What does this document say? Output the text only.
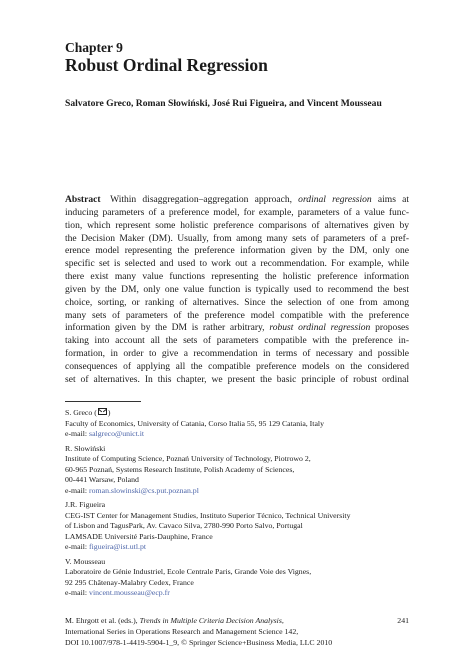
Chapter 9
Robust Ordinal Regression
Salvatore Greco, Roman Słowiński, José Rui Figueira, and Vincent Mousseau
Abstract  Within disaggregation–aggregation approach, ordinal regression aims at
inducing parameters of a preference model, for example, parameters of a value func-
tion, which represent some holistic preference comparisons of alternatives given by
the Decision Maker (DM). Usually, from among many sets of parameters of a pref-
erence model representing the preference information given by the DM, only one
specific set is selected and used to work out a recommendation. For example, while
there exist many value functions representing the holistic preference information
given by the DM, only one value function is typically used to recommend the best
choice, sorting, or ranking of alternatives. Since the selection of one from among
many sets of parameters of the preference model compatible with the preference
information given by the DM is rather arbitrary, robust ordinal regression proposes
taking into account all the sets of parameters compatible with the preference in-
formation, in order to give a recommendation in terms of necessary and possible
consequences of applying all the compatible preference models on the considered
set of alternatives. In this chapter, we present the basic principle of robust ordinal
S. Greco ( )
Faculty of Economics, University of Catania, Corso Italia 55, 95 129 Catania, Italy
e-mail: salgreco@unict.it
R. Słowiński
Institute of Computing Science, Poznań University of Technology, Piotrowo 2,
60-965 Poznań, Systems Research Institute, Polish Academy of Sciences,
00-441 Warsaw, Poland
e-mail: roman.slowinski@cs.put.poznan.pl
J.R. Figueira
CEG-IST Center for Management Studies, Instituto Superior Técnico, Technical University
of Lisbon and TagusPark, Av. Cavaco Silva, 2780-990 Porto Salvo, Portugal
LAMSADE Université Paris-Dauphine, France
e-mail: figueira@ist.utl.pt
V. Mousseau
Laboratoire de Génie Industriel, Ecole Centrale Paris, Grande Voie des Vignes,
92 295 Châtenay-Malabry Cedex, France
e-mail: vincent.mousseau@ecp.fr
M. Ehrgott et al. (eds.), Trends in Multiple Criteria Decision Analysis,
International Series in Operations Research and Management Science 142,
DOI 10.1007/978-1-4419-5904-1_9, © Springer Science+Business Media, LLC 2010
241
